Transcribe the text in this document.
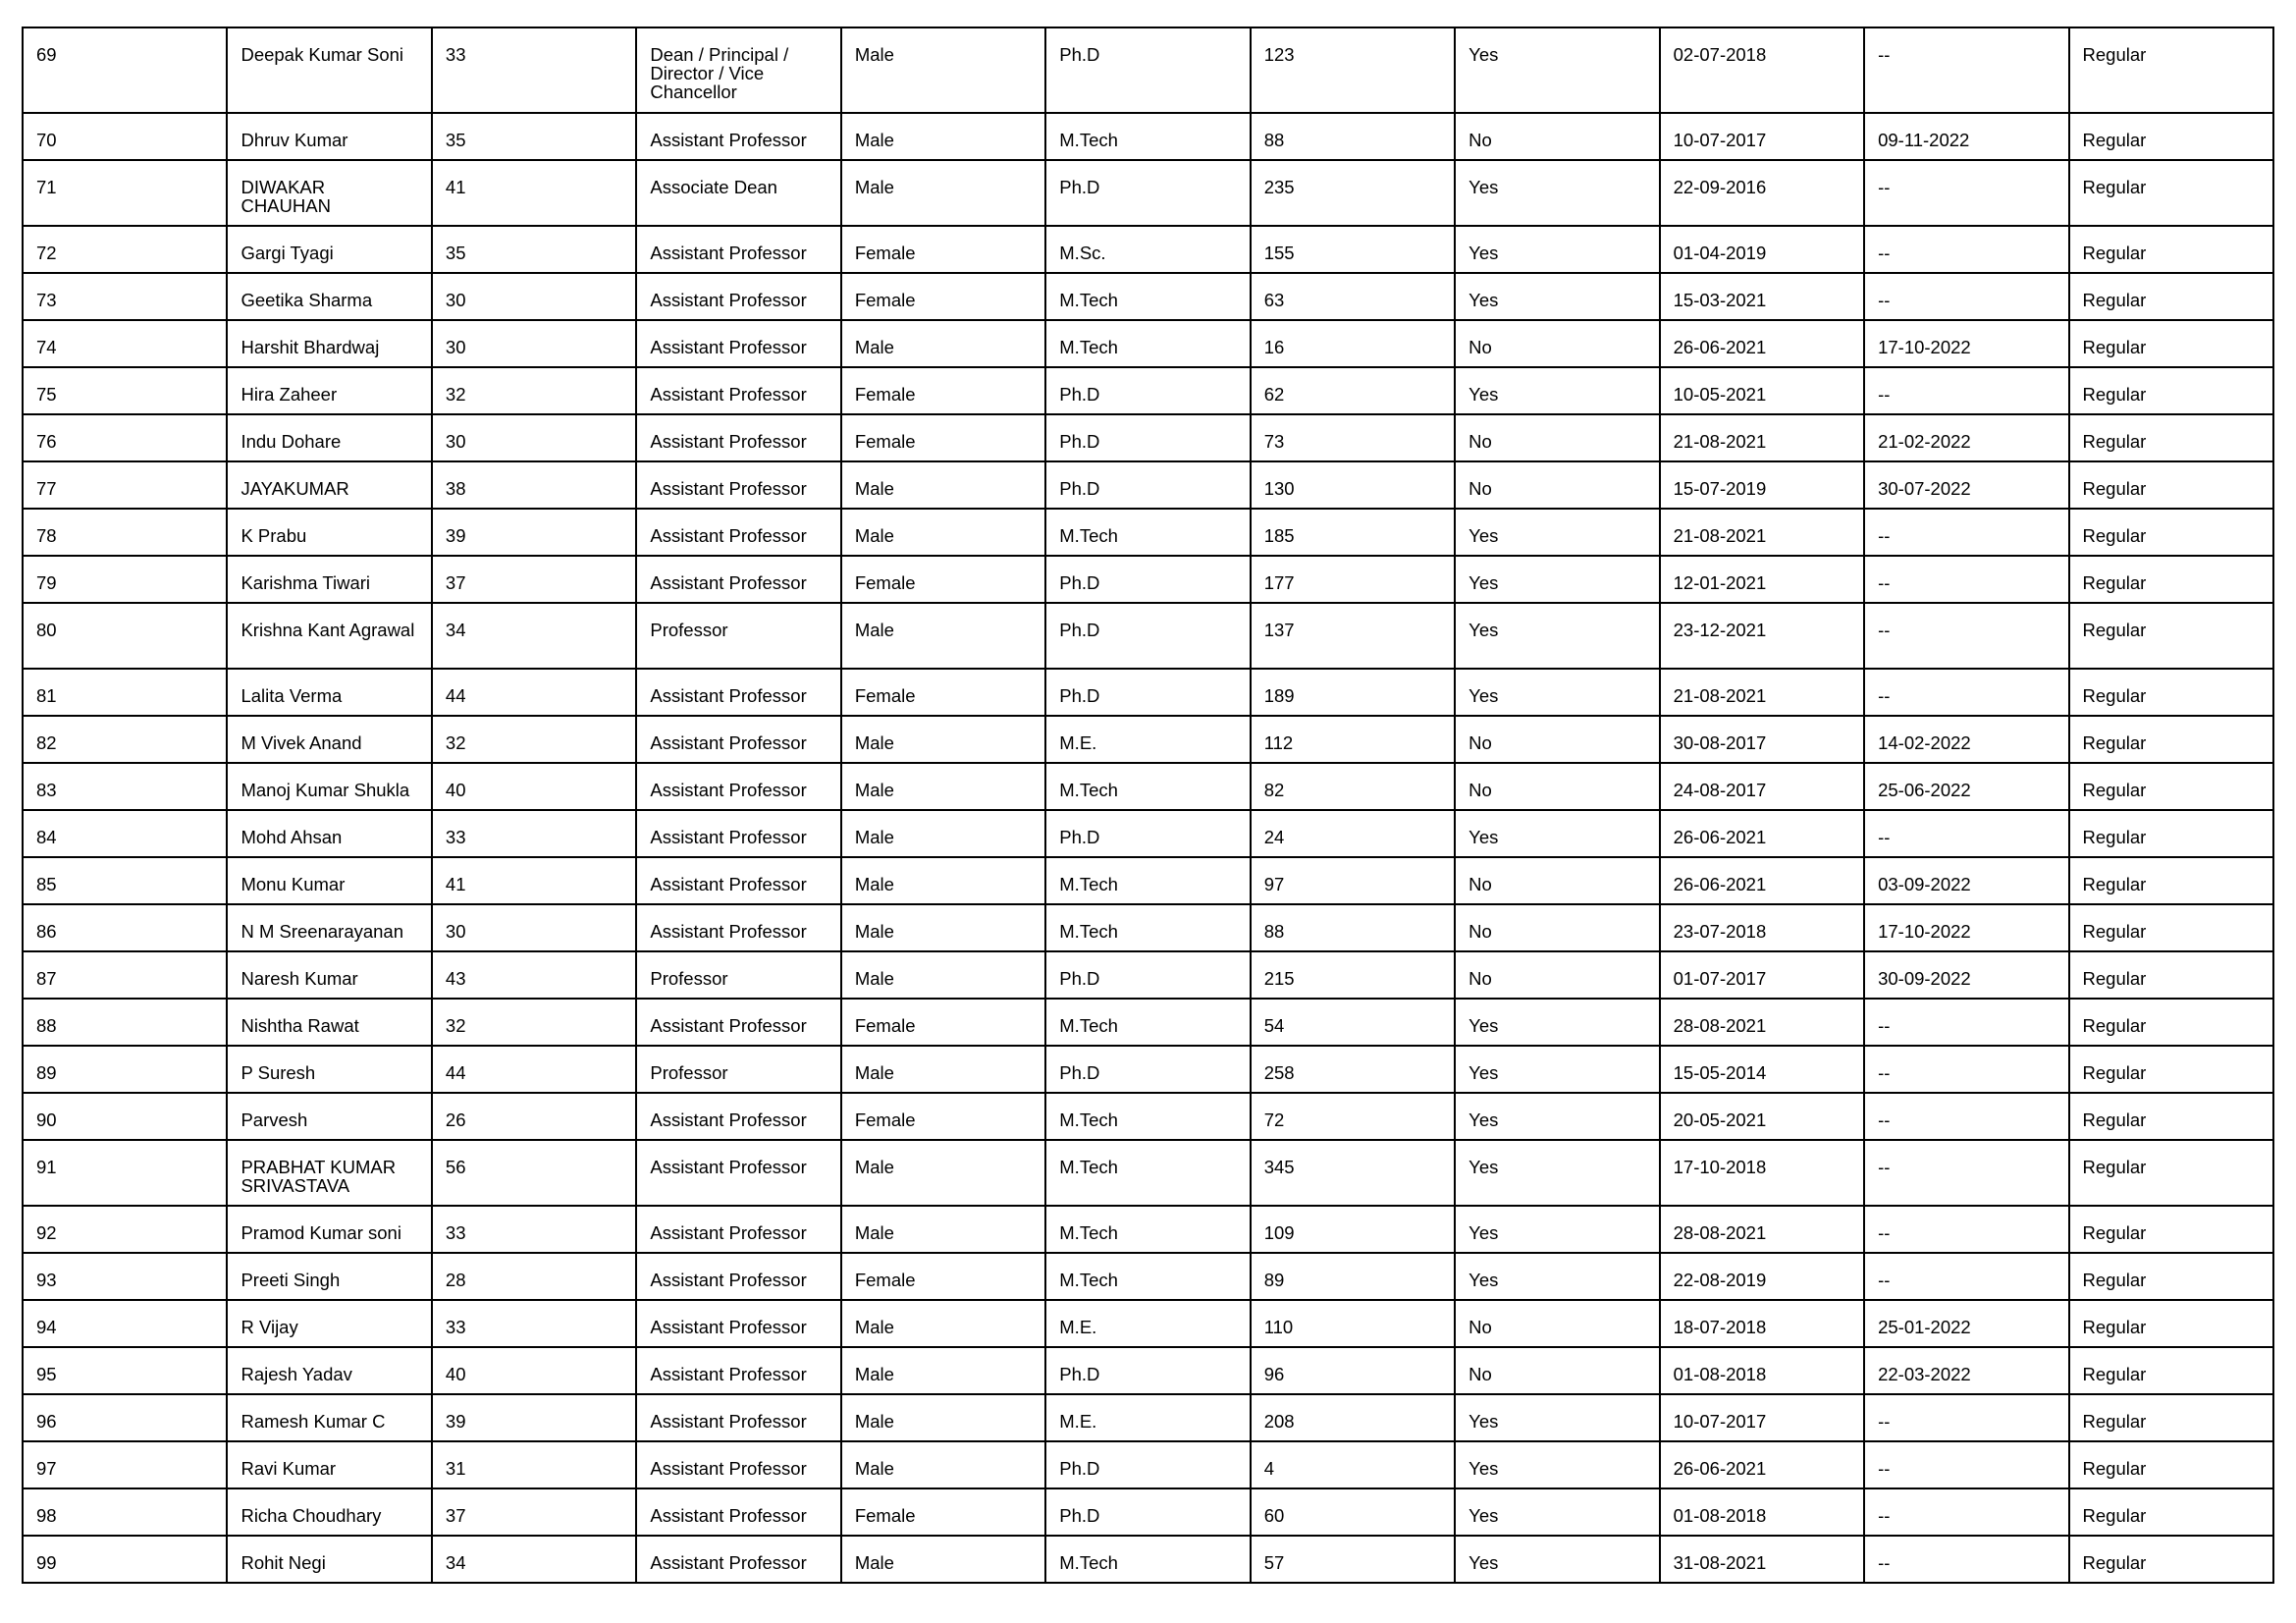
69	Deepak Kumar Soni	33	Dean / Principal / Director / Vice Chancellor	Male	Ph.D	123	Yes	02-07-2018	--	Regular
70	Dhruv Kumar	35	Assistant Professor	Male	M.Tech	88	No	10-07-2017	09-11-2022	Regular
71	DIWAKAR CHAUHAN	41	Associate Dean	Male	Ph.D	235	Yes	22-09-2016	--	Regular
72	Gargi Tyagi	35	Assistant Professor	Female	M.Sc.	155	Yes	01-04-2019	--	Regular
73	Geetika Sharma	30	Assistant Professor	Female	M.Tech	63	Yes	15-03-2021	--	Regular
74	Harshit Bhardwaj	30	Assistant Professor	Male	M.Tech	16	No	26-06-2021	17-10-2022	Regular
75	Hira Zaheer	32	Assistant Professor	Female	Ph.D	62	Yes	10-05-2021	--	Regular
76	Indu Dohare	30	Assistant Professor	Female	Ph.D	73	No	21-08-2021	21-02-2022	Regular
77	JAYAKUMAR	38	Assistant Professor	Male	Ph.D	130	No	15-07-2019	30-07-2022	Regular
78	K Prabu	39	Assistant Professor	Male	M.Tech	185	Yes	21-08-2021	--	Regular
79	Karishma Tiwari	37	Assistant Professor	Female	Ph.D	177	Yes	12-01-2021	--	Regular
80	Krishna Kant Agrawal	34	Professor	Male	Ph.D	137	Yes	23-12-2021	--	Regular
81	Lalita Verma	44	Assistant Professor	Female	Ph.D	189	Yes	21-08-2021	--	Regular
82	M Vivek Anand	32	Assistant Professor	Male	M.E.	112	No	30-08-2017	14-02-2022	Regular
83	Manoj Kumar Shukla	40	Assistant Professor	Male	M.Tech	82	No	24-08-2017	25-06-2022	Regular
84	Mohd Ahsan	33	Assistant Professor	Male	Ph.D	24	Yes	26-06-2021	--	Regular
85	Monu Kumar	41	Assistant Professor	Male	M.Tech	97	No	26-06-2021	03-09-2022	Regular
86	N M Sreenarayanan	30	Assistant Professor	Male	M.Tech	88	No	23-07-2018	17-10-2022	Regular
87	Naresh Kumar	43	Professor	Male	Ph.D	215	No	01-07-2017	30-09-2022	Regular
88	Nishtha Rawat	32	Assistant Professor	Female	M.Tech	54	Yes	28-08-2021	--	Regular
89	P Suresh	44	Professor	Male	Ph.D	258	Yes	15-05-2014	--	Regular
90	Parvesh	26	Assistant Professor	Female	M.Tech	72	Yes	20-05-2021	--	Regular
91	PRABHAT KUMAR SRIVASTAVA	56	Assistant Professor	Male	M.Tech	345	Yes	17-10-2018	--	Regular
92	Pramod Kumar soni	33	Assistant Professor	Male	M.Tech	109	Yes	28-08-2021	--	Regular
93	Preeti Singh	28	Assistant Professor	Female	M.Tech	89	Yes	22-08-2019	--	Regular
94	R Vijay	33	Assistant Professor	Male	M.E.	110	No	18-07-2018	25-01-2022	Regular
95	Rajesh Yadav	40	Assistant Professor	Male	Ph.D	96	No	01-08-2018	22-03-2022	Regular
96	Ramesh Kumar C	39	Assistant Professor	Male	M.E.	208	Yes	10-07-2017	--	Regular
97	Ravi Kumar	31	Assistant Professor	Male	Ph.D	4	Yes	26-06-2021	--	Regular
98	Richa Choudhary	37	Assistant Professor	Female	Ph.D	60	Yes	01-08-2018	--	Regular
99	Rohit Negi	34	Assistant Professor	Male	M.Tech	57	Yes	31-08-2021	--	Regular
